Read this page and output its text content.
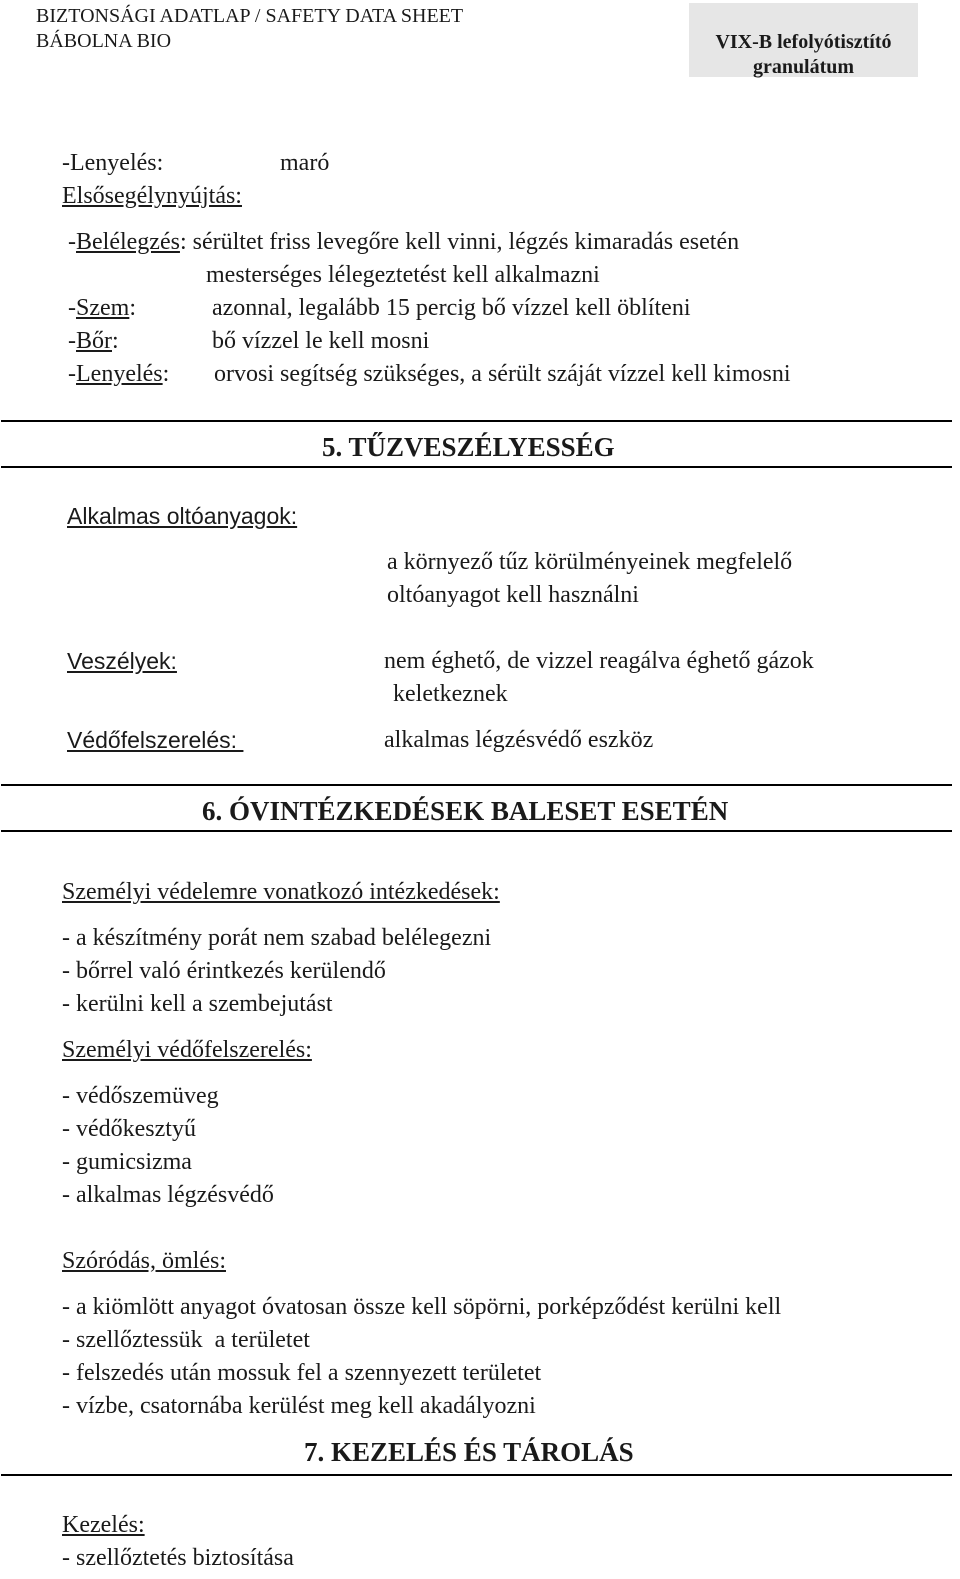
BIZTONSÁGI ADATLAP / SAFETY DATA SHEET
BÁBOLNA BIO	VIX-B lefolyótisztító
granulátum
-Lenyelés:	maró
Elsősegélynyújtás:
-Belélegzés: sérültet friss levegőre kell vinni, légzés kimaradás esetén
mesterséges lélegeztetést kell alkalmazni
-Szem:	azonnal, legalább 15 percig bő vízzel kell öblíteni
-Bőr:	bő vízzel le kell mosni
-Lenyelés: orvosi segítség szükséges, a sérült száját vízzel kell kimosni
5. TŰZVESZÉLYESSÉG
Alkalmas oltóanyagok:
a környező tűz körülményeinek megfelelő
oltóanyagot kell használni
Veszélyek:	nem éghető, de vizzel reagálva éghető gázok
keletkeznek
Védőfelszerelés:	alkalmas légzésvédő eszköz
6. ÓVINTÉZKEDÉSEK BALESET ESETÉN
Személyi védelemre vonatkozó intézkedések:
- a készítmény porát nem szabad belélegezni
- bőrrel való érintkezés kerülendő
- kerülni kell a szembejutást
Személyi védőfelszerelés:
- védőszemüveg
- védőkesztyű
- gumicsizma
- alkalmas légzésvédő
Szóródás, ömlés:
- a kiömlött anyagot óvatosan össze kell söpörni, porképződést kerülni kell
- szellőztessük  a területet
- felszedés után mossuk fel a szennyezett területet
- vízbe, csatornába kerülést meg kell akadályozni
7. KEZELÉS ÉS TÁROLÁS
Kezelés:
- szellőztetés biztosítása
